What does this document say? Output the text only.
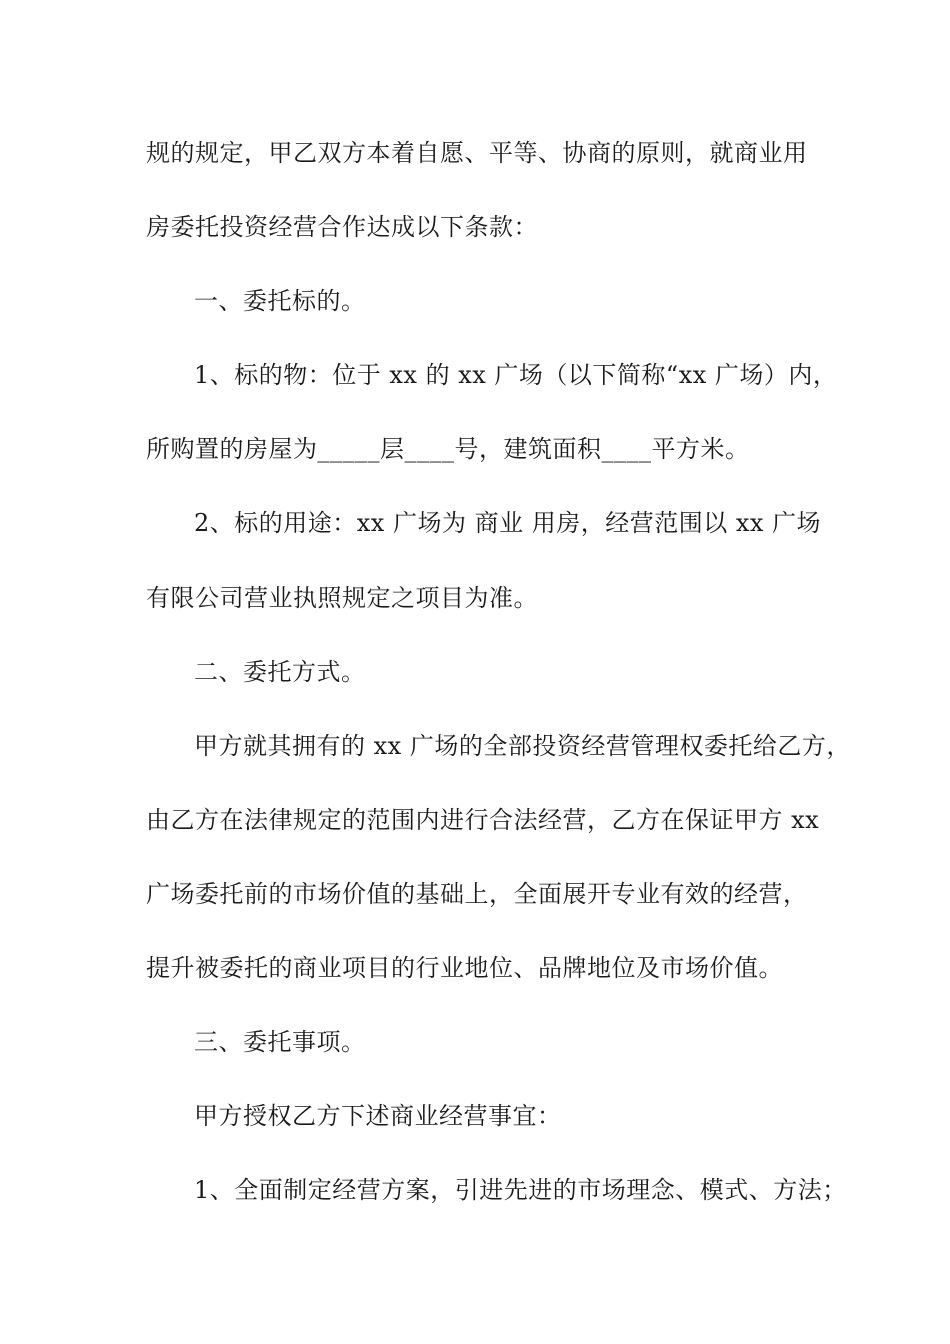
规的规定，甲乙双方本着自愿、平等、协商的原则，就商业用
房委托投资经营合作达成以下条款：
一、委托标的。
1、标的物：位于 xx 的 xx 广场（以下简称“xx 广场）内，
所购置的房屋为_____层____号，建筑面积____平方米。
2、标的用途：xx 广场为 商业 用房，经营范围以 xx 广场
有限公司营业执照规定之项目为准。
二、委托方式。
甲方就其拥有的 xx 广场的全部投资经营管理权委托给乙方，
由乙方在法律规定的范围内进行合法经营，乙方在保证甲方 xx
广场委托前的市场价值的基础上，全面展开专业有效的经营，
提升被委托的商业项目的行业地位、品牌地位及市场价值。
三、委托事项。
甲方授权乙方下述商业经营事宜：
1、全面制定经营方案，引进先进的市场理念、模式、方法；
